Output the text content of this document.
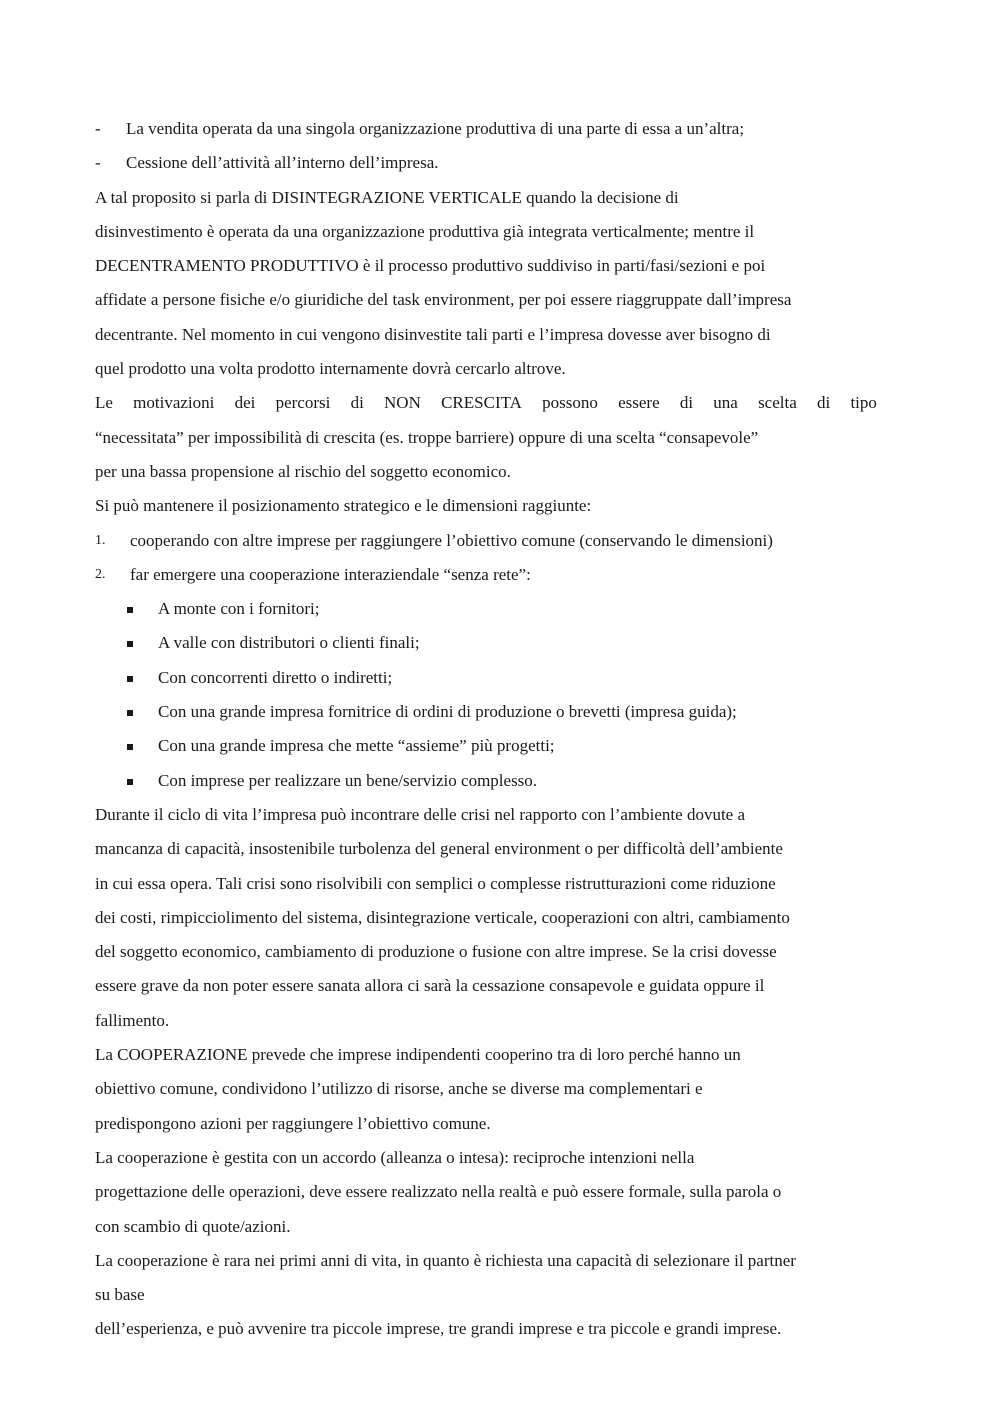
- La vendita operata da una singola organizzazione produttiva di una parte di essa a un’altra;
- Cessione dell’attività all’interno dell’impresa.
A tal proposito si parla di DISINTEGRAZIONE VERTICALE quando la decisione di
disinvestimento è operata da una organizzazione produttiva già integrata verticalmente; mentre il
DECENTRAMENTO PRODUTTIVO è il processo produttivo suddiviso in parti/fasi/sezioni e poi
affidate a persone fisiche e/o giuridiche del task environment, per poi essere riaggruppate dall’impresa
decentrante. Nel momento in cui vengono disinvestite tali parti e l’impresa dovesse aver bisogno di
quel prodotto una volta prodotto internamente dovrà cercarlo altrove.
Le motivazioni dei percorsi di NON CRESCITA possono essere di una scelta di tipo
“necessitata” per impossibilità di crescita (es. troppe barriere) oppure di una scelta “consapevole”
per una bassa propensione al rischio del soggetto economico.
Si può mantenere il posizionamento strategico e le dimensioni raggiunte:
1. cooperando con altre imprese per raggiungere l’obiettivo comune (conservando le dimensioni)
2. far emergere una cooperazione interaziendale “senza rete”:
A monte con i fornitori;
A valle con distributori o clienti finali;
Con concorrenti diretto o indiretti;
Con una grande impresa fornitrice di ordini di produzione o brevetti (impresa guida);
Con una grande impresa che mette “assieme” più progetti;
Con imprese per realizzare un bene/servizio complesso.
Durante il ciclo di vita l’impresa può incontrare delle crisi nel rapporto con l’ambiente dovute a
mancanza di capacità, insostenibile turbolenza del general environment o per difficoltà dell’ambiente
in cui essa opera. Tali crisi sono risolvibili con semplici o complesse ristrutturazioni come riduzione
dei costi, rimpicciolimento del sistema, disintegrazione verticale, cooperazioni con altri, cambiamento
del soggetto economico, cambiamento di produzione o fusione con altre imprese. Se la crisi dovesse
essere grave da non poter essere sanata allora ci sarà la cessazione consapevole e guidata oppure il
fallimento.
La COOPERAZIONE prevede che imprese indipendenti cooperino tra di loro perché hanno un
obiettivo comune, condividono l’utilizzo di risorse, anche se diverse ma complementari e
predispongono azioni per raggiungere l’obiettivo comune.
La cooperazione è gestita con un accordo (alleanza o intesa): reciproche intenzioni nella
progettazione delle operazioni, deve essere realizzato nella realtà e può essere formale, sulla parola o
con scambio di quote/azioni.
La cooperazione è rara nei primi anni di vita, in quanto è richiesta una capacità di selezionare il partner
su base
dell’esperienza, e può avvenire tra piccole imprese, tre grandi imprese e tra piccole e grandi imprese.
